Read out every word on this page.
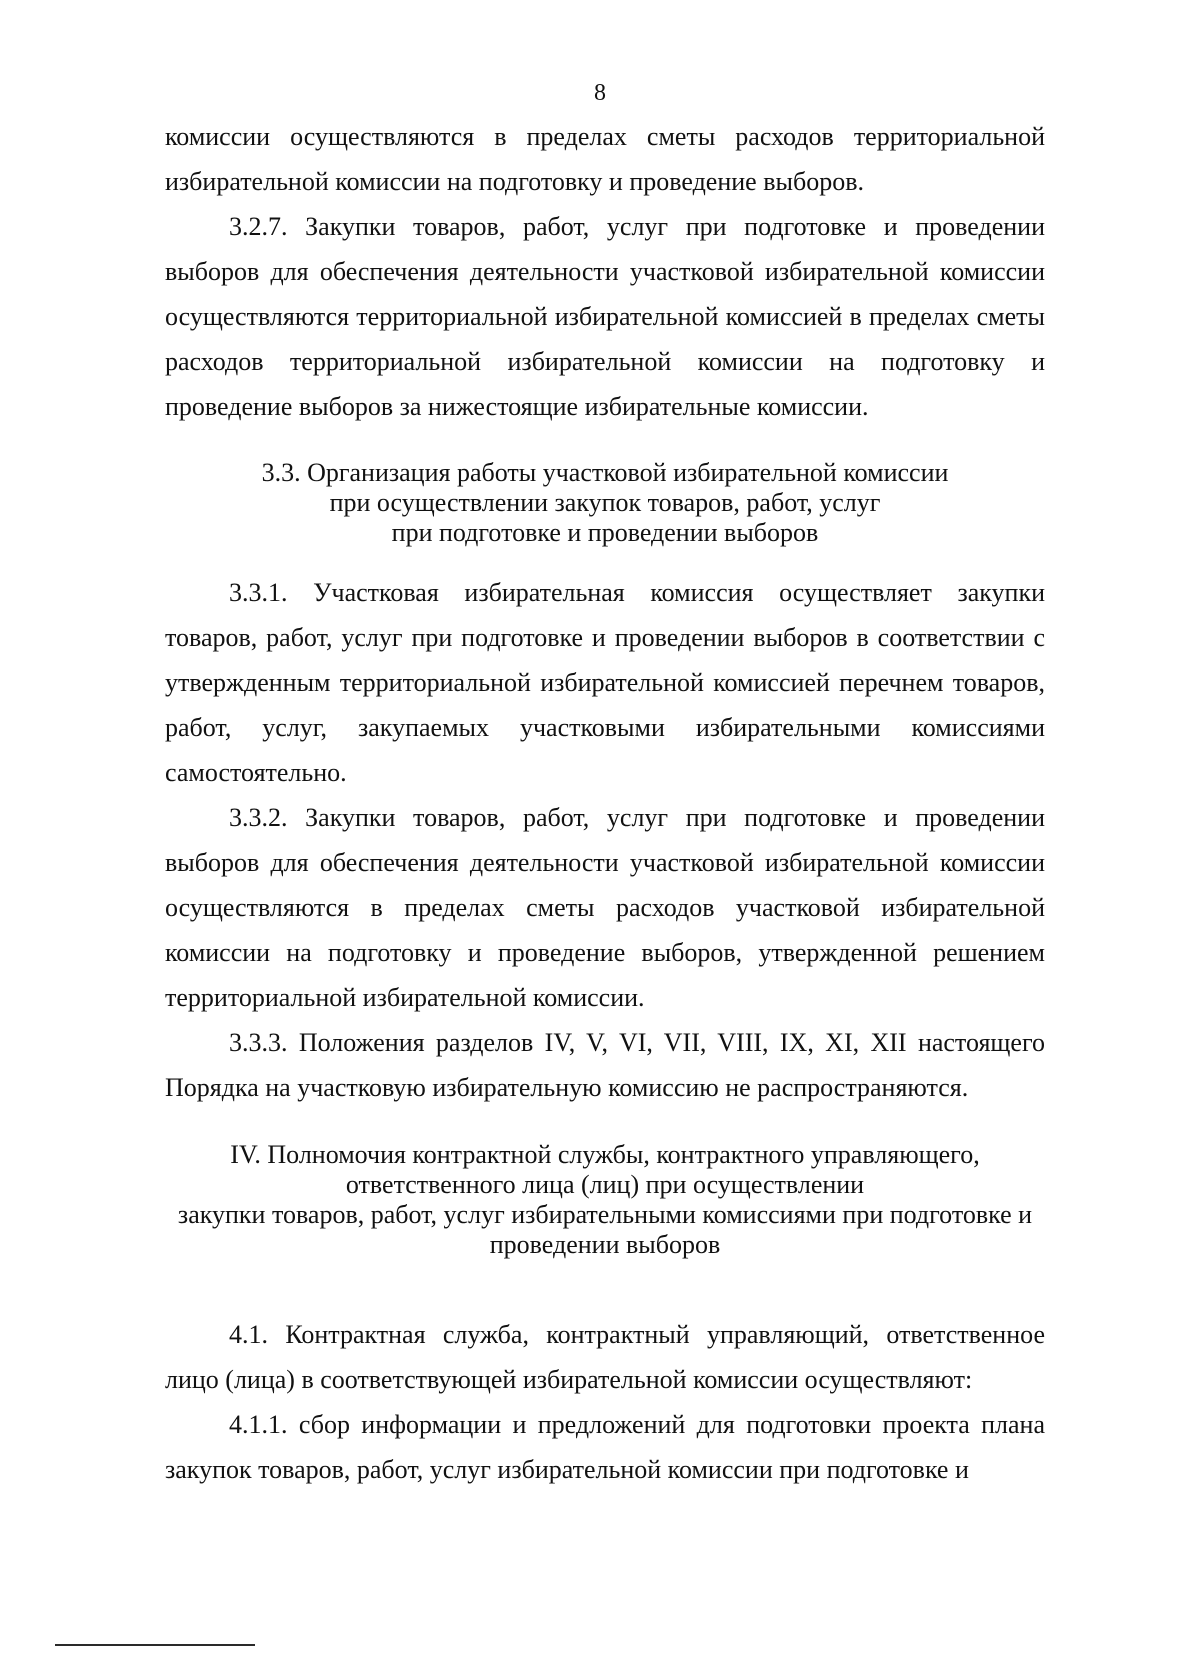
8

комиссии осуществляются в пределах сметы расходов территориальной избирательной комиссии на подготовку и проведение выборов.

3.2.7. Закупки товаров, работ, услуг при подготовке и проведении выборов для обеспечения деятельности участковой избирательной комиссии осуществляются территориальной избирательной комиссией в пределах сметы расходов территориальной избирательной комиссии на подготовку и проведение выборов за нижестоящие избирательные комиссии.

3.3. Организация работы участковой избирательной комиссии
при осуществлении закупок товаров, работ, услуг
при подготовке и проведении выборов

3.3.1. Участковая избирательная комиссия осуществляет закупки товаров, работ, услуг при подготовке и проведении выборов в соответствии с утвержденным территориальной избирательной комиссией перечнем товаров, работ, услуг, закупаемых участковыми избирательными комиссиями самостоятельно.

3.3.2. Закупки товаров, работ, услуг при подготовке и проведении выборов для обеспечения деятельности участковой избирательной комиссии осуществляются в пределах сметы расходов участковой избирательной комиссии на подготовку и проведение выборов, утвержденной решением территориальной избирательной комиссии.

3.3.3. Положения разделов IV, V, VI, VII, VIII, IX, XI, XII настоящего Порядка на участковую избирательную комиссию не распространяются.

IV. Полномочия контрактной службы, контрактного управляющего,
ответственного лица (лиц) при осуществлении
закупки товаров, работ, услуг избирательными комиссиями при подготовке и
проведении выборов

4.1. Контрактная служба, контрактный управляющий, ответственное лицо (лица) в соответствующей избирательной комиссии осуществляют:

4.1.1. сбор информации и предложений для подготовки проекта плана закупок товаров, работ, услуг избирательной комиссии при подготовке и
